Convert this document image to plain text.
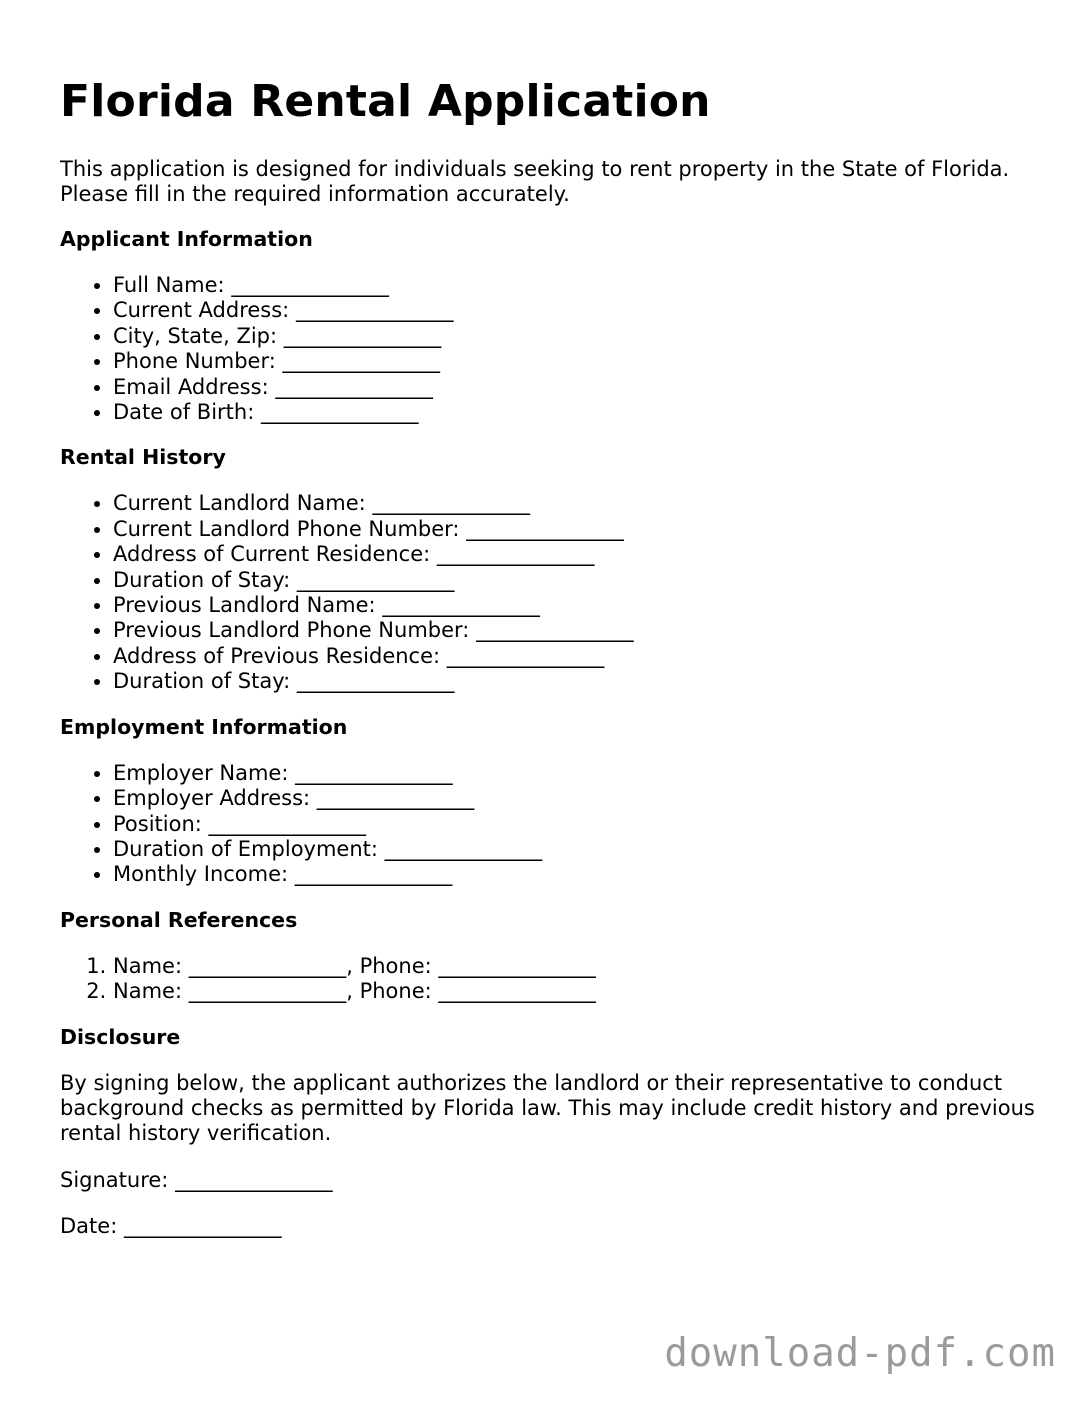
Florida Rental Application

This application is designed for individuals seeking to rent property in the State of Florida. Please fill in the required information accurately.

Applicant Information
• Full Name: _______________
• Current Address: _______________
• City, State, Zip: _______________
• Phone Number: _______________
• Email Address: _______________
• Date of Birth: _______________
Rental History
• Current Landlord Name: _______________
• Current Landlord Phone Number: _______________
• Address of Current Residence: _______________
• Duration of Stay: _______________
• Previous Landlord Name: _______________
• Previous Landlord Phone Number: _______________
• Address of Previous Residence: _______________
• Duration of Stay: _______________
Employment Information
• Employer Name: _______________
• Employer Address: _______________
• Position: _______________
• Duration of Employment: _______________
• Monthly Income: _______________
Personal References
1. Name: _______________, Phone: _______________
2. Name: _______________, Phone: _______________
Disclosure

By signing below, the applicant authorizes the landlord or their representative to conduct background checks as permitted by Florida law. This may include credit history and previous rental history verification.

Signature: _______________

Date: _______________

download-pdf.com
